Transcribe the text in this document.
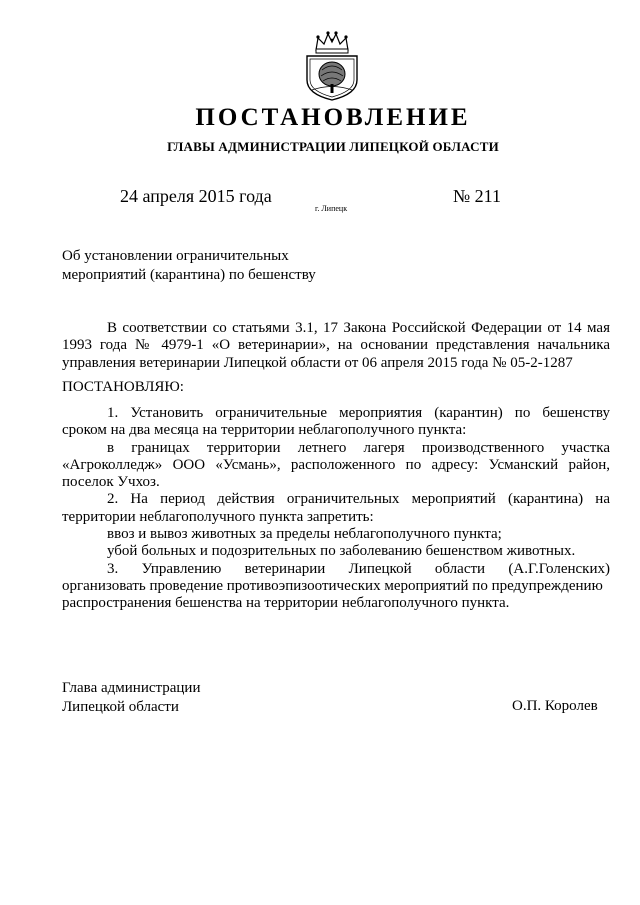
ПОСТАНОВЛЕНИЕ
ГЛАВЫ АДМИНИСТРАЦИИ ЛИПЕЦКОЙ ОБЛАСТИ
24 апреля 2015 года
г. Липецк
№ 211
Об установлении ограничительных
мероприятий (карантина) по бешенству
В соответствии со статьями 3.1, 17 Закона Российской Федерации от 14 мая
1993 года № 4979-1 «О ветеринарии», на основании представления начальника
управления ветеринарии Липецкой области от 06 апреля 2015 года № 05-2-1287
ПОСТАНОВЛЯЮ:
1. Установить ограничительные мероприятия (карантин) по бешенству
сроком на два месяца на территории неблагополучного пункта:
в границах территории летнего лагеря производственного участка
«Агроколледж» ООО «Усмань», расположенного по адресу: Усманский район,
поселок Учхоз.
2. На период действия ограничительных мероприятий (карантина) на
территории неблагополучного пункта запретить:
ввоз и вывоз животных за пределы неблагополучного пункта;
убой больных и подозрительных по заболеванию бешенством животных.
3. Управлению ветеринарии Липецкой области (А.Г.Голенских)
организовать проведение противоэпизоотических мероприятий по предупреждению
распространения бешенства на территории неблагополучного пункта.
Глава администрации
Липецкой области	О.П. Королев
